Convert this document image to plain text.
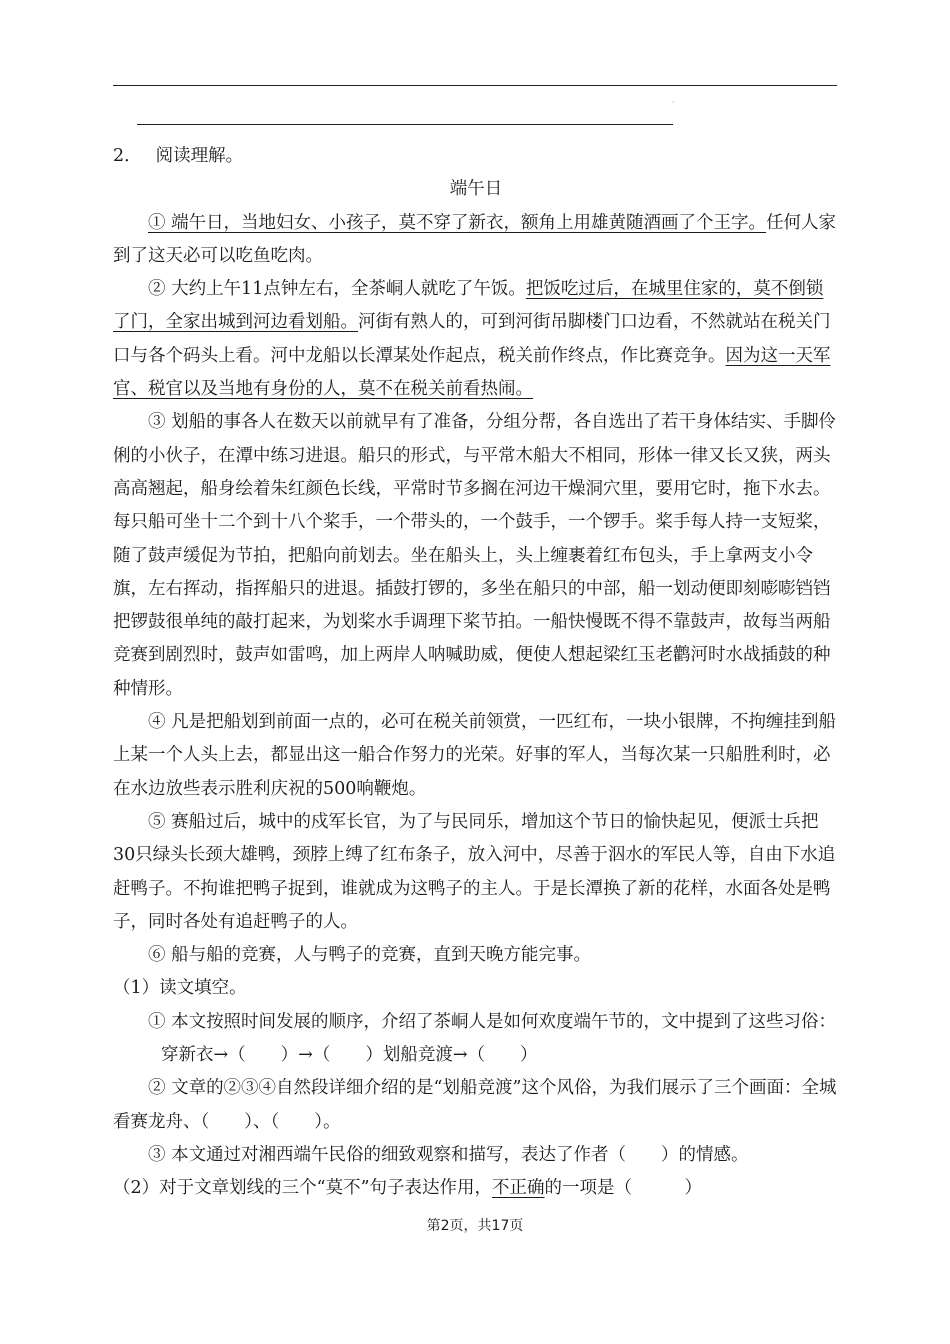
·

2． 阅读理解。

端午日

① 端午日，当地妇女、小孩子，莫不穿了新衣，额角上用雄黄随酒画了个王字。任何人家到了这天必可以吃鱼吃肉。

② 大约上午11点钟左右，全茶峒人就吃了午饭。把饭吃过后，在城里住家的，莫不倒锁了门，全家出城到河边看划船。河街有熟人的，可到河街吊脚楼门口边看，不然就站在税关门口与各个码头上看。河中龙船以长潭某处作起点，税关前作终点，作比赛竞争。因为这一天军官、税官以及当地有身份的人，莫不在税关前看热闹。

③ 划船的事各人在数天以前就早有了准备，分组分帮，各自选出了若干身体结实、手脚伶俐的小伙子，在潭中练习进退。船只的形式，与平常木船大不相同，形体一律又长又狭，两头高高翘起，船身绘着朱红颜色长线，平常时节多搁在河边干燥洞穴里，要用它时，拖下水去。每只船可坐十二个到十八个桨手，一个带头的，一个鼓手，一个锣手。桨手每人持一支短桨，随了鼓声缓促为节拍，把船向前划去。坐在船头上，头上缠裹着红布包头，手上拿两支小令旗，左右挥动，指挥船只的进退。插鼓打锣的，多坐在船只的中部，船一划动便即刻嘭嘭铛铛把锣鼓很单纯的敲打起来，为划桨水手调理下桨节拍。一船快慢既不得不靠鼓声，故每当两船竞赛到剧烈时，鼓声如雷鸣，加上两岸人呐喊助威，便使人想起梁红玉老鹳河时水战插鼓的种种情形。

④ 凡是把船划到前面一点的，必可在税关前领赏，一匹红布，一块小银牌，不拘缠挂到船上某一个人头上去，都显出这一船合作努力的光荣。好事的军人，当每次某一只船胜利时，必在水边放些表示胜利庆祝的500响鞭炮。

⑤ 赛船过后，城中的戍军长官，为了与民同乐，增加这个节日的愉快起见，便派士兵把30只绿头长颈大雄鸭，颈脖上缚了红布条子，放入河中，尽善于泅水的军民人等，自由下水追赶鸭子。不拘谁把鸭子捉到，谁就成为这鸭子的主人。于是长潭换了新的花样，水面各处是鸭子，同时各处有追赶鸭子的人。

⑥ 船与船的竞赛，人与鸭子的竞赛，直到天晚方能完事。

（1）读文填空。

① 本文按照时间发展的顺序，介绍了茶峒人是如何欢度端午节的，文中提到了这些习俗：

穿新衣→（　　）→（　　）划船竞渡→（　　）

② 文章的②③④自然段详细介绍的是“划船竞渡”这个风俗，为我们展示了三个画面：全城看赛龙舟、（　　）、（　　）。

③ 本文通过对湘西端午民俗的细致观察和描写，表达了作者（　　）的情感。

（2）对于文章划线的三个“莫不”句子表达作用，不正确的一项是（　　　）

第2页，共17页
